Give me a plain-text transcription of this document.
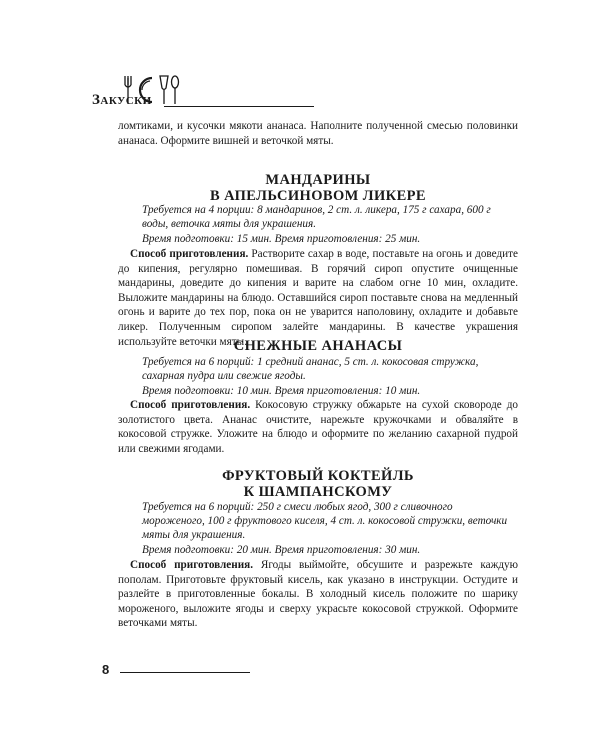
Закуски
ломтиками, и кусочки мякоти ананаса. Наполните полученной смесью половинки ананаса. Оформите вишней и веточкой мяты.
МАНДАРИНЫ
В АПЕЛЬСИНОВОМ ЛИКЕРЕ
Требуется на 4 порции: 8 мандаринов, 2 ст. л. ликера, 175 г сахара, 600 г воды, веточка мяты для украшения.
Время подготовки: 15 мин. Время приготовления: 25 мин.

Способ приготовления. Растворите сахар в воде, поставьте на огонь и доведите до кипения, регулярно помешивая. В горячий сироп опустите очищенные мандарины, доведите до кипения и варите на слабом огне 10 мин, охладите. Выложите мандарины на блюдо. Оставшийся сироп поставьте снова на медленный огонь и варите до тех пор, пока он не уварится наполовину, охладите и добавьте ликер. Полученным сиропом залейте мандарины. В качестве украшения используйте веточки мяты.

СНЕЖНЫЕ АНАНАСЫ
Требуется на 6 порций: 1 средний ананас, 5 ст. л. кокосовая стружка, сахарная пудра или свежие ягоды.
Время подготовки: 10 мин. Время приготовления: 10 мин.

Способ приготовления. Кокосовую стружку обжарьте на сухой сковороде до золотистого цвета. Ананас очистите, нарежьте кружочками и обваляйте в кокосовой стружке. Уложите на блюдо и оформите по желанию сахарной пудрой или свежими ягодами.

ФРУКТОВЫЙ КОКТЕЙЛЬ
К ШАМПАНСКОМУ
Требуется на 6 порций: 250 г смеси любых ягод, 300 г сливочного мороженого, 100 г фруктового киселя, 4 ст. л. кокосовой стружки, веточки мяты для украшения.
Время подготовки: 20 мин. Время приготовления: 30 мин.

Способ приготовления. Ягоды выймойте, обсушите и разрежьте каждую пополам. Приготовьте фруктовый кисель, как указано в инструкции. Остудите и разлейте в приготовленные бокалы. В холодный кисель положите по шарику мороженого, выложите ягоды и сверху украсьте кокосовой стружкой. Оформите веточками мяты.

8
